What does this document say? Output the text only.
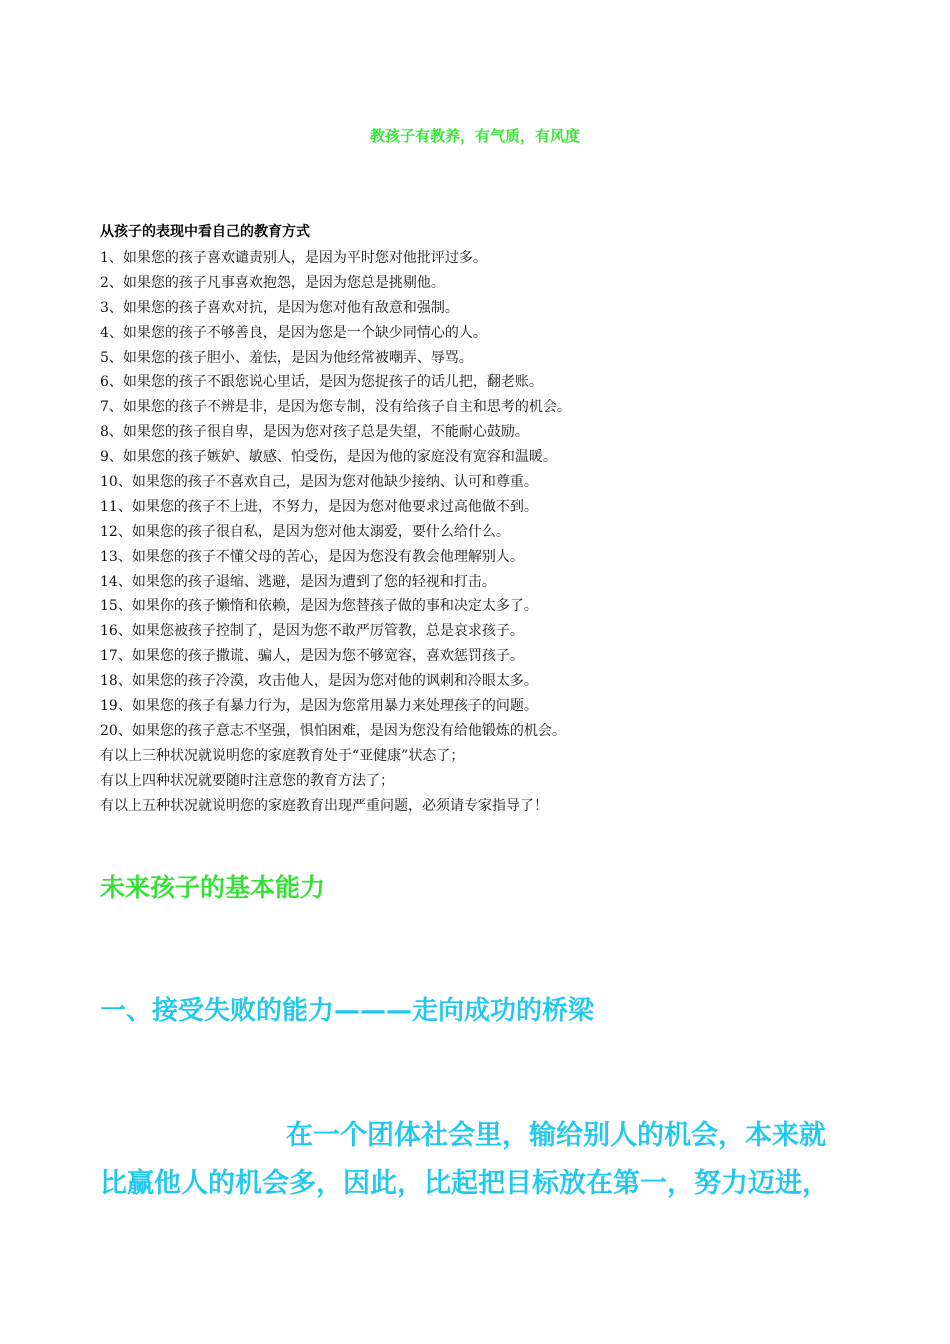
教孩子有教养，有气质，有风度
从孩子的表现中看自己的教育方式
1、如果您的孩子喜欢谴责别人，是因为平时您对他批评过多。
2、如果您的孩子凡事喜欢抱怨，是因为您总是挑剔他。
3、如果您的孩子喜欢对抗，是因为您对他有敌意和强制。
4、如果您的孩子不够善良，是因为您是一个缺少同情心的人。
5、如果您的孩子胆小、羞怯，是因为他经常被嘲弄、辱骂。
6、如果您的孩子不跟您说心里话，是因为您捉孩子的话儿把，翻老账。
7、如果您的孩子不辨是非，是因为您专制，没有给孩子自主和思考的机会。
8、如果您的孩子很自卑，是因为您对孩子总是失望，不能耐心鼓励。
9、如果您的孩子嫉妒、敏感、怕受伤，是因为他的家庭没有宽容和温暖。
10、如果您的孩子不喜欢自己，是因为您对他缺少接纳、认可和尊重。
11、如果您的孩子不上进，不努力，是因为您对他要求过高他做不到。
12、如果您的孩子很自私，是因为您对他太溺爱，要什么给什么。
13、如果您的孩子不懂父母的苦心，是因为您没有教会他理解别人。
14、如果您的孩子退缩、逃避，是因为遭到了您的轻视和打击。
15、如果你的孩子懒惰和依赖，是因为您替孩子做的事和决定太多了。
16、如果您被孩子控制了，是因为您不敢严厉管教，总是哀求孩子。
17、如果您的孩子撒谎、骗人，是因为您不够宽容，喜欢惩罚孩子。
18、如果您的孩子冷漠，攻击他人，是因为您对他的讽刺和冷眼太多。
19、如果您的孩子有暴力行为，是因为您常用暴力来处理孩子的问题。
20、如果您的孩子意志不坚强，惧怕困难，是因为您没有给他锻炼的机会。
有以上三种状况就说明您的家庭教育处于“亚健康”状态了；
有以上四种状况就要随时注意您的教育方法了；
有以上五种状况就说明您的家庭教育出现严重问题，必须请专家指导了！
未来孩子的基本能力
一、接受失败的能力———走向成功的桥梁

在一个团体社会里，输给别人的机会，本来就
比赢他人的机会多，因此，比起把目标放在第一，努力迈进，
